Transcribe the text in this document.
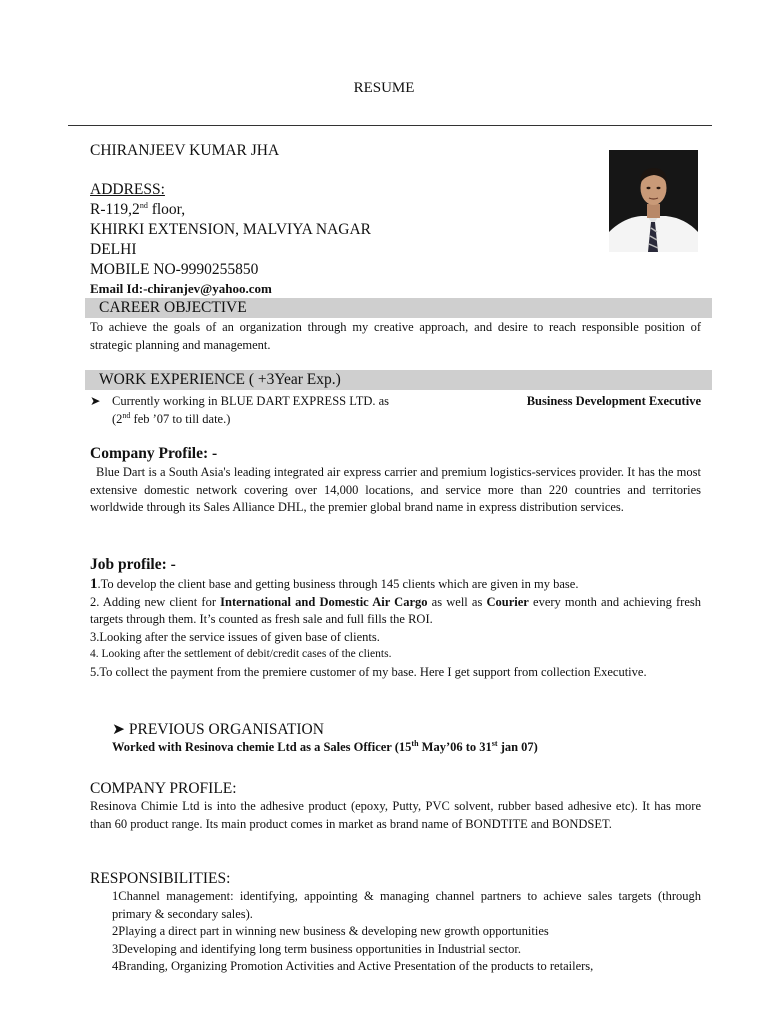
RESUME
CHIRANJEEV KUMAR JHA
ADDRESS:
R-119,2nd floor,
KHIRKI EXTENSION, MALVIYA NAGAR
DELHI
MOBILE NO-9990255850
Email Id:-chiranjev@yahoo.com
CAREER OBJECTIVE
To achieve the goals of an organization through my creative approach, and desire to reach responsible position of strategic planning and management.
WORK EXPERIENCE ( +3Year Exp.)
➤ Currently working in BLUE DART EXPRESS LTD. as	Business Development Executive
(2nd feb ’07 to till date.)
Company Profile: -
Blue Dart is a South Asia's leading integrated air express carrier and premium logistics-services provider. It has the most extensive domestic network covering over 14,000 locations, and service more than 220 countries and territories worldwide through its Sales Alliance DHL, the premier global brand name in express distribution services.
Job profile: -
1.To develop the client base and getting business through 145 clients which are given in my base.
2. Adding new client for International and Domestic Air Cargo as well as Courier every month and achieving fresh targets through them. It’s counted as fresh sale and full fills the ROI.
3.Looking after the service issues of given base of clients.
4. Looking after the settlement of debit/credit cases of the clients.
5.To collect the payment from the premiere customer of my base. Here I get support from collection Executive.
➤ PREVIOUS ORGANISATION
Worked with Resinova chemie Ltd as a Sales Officer (15th May’06 to 31st jan 07)
COMPANY PROFILE:
Resinova Chimie Ltd is into the adhesive product (epoxy, Putty, PVC solvent, rubber based adhesive etc). It has more than 60 product range. Its main product comes in market as brand name of BONDTITE and BONDSET.
RESPONSIBILITIES:
1Channel management: identifying, appointing & managing channel partners to achieve sales targets (through primary & secondary sales).
2Playing a direct part in winning new business & developing new growth opportunities
3Developing and identifying long term business opportunities in Industrial sector.
4Branding, Organizing Promotion Activities and Active Presentation of the products to retailers,
